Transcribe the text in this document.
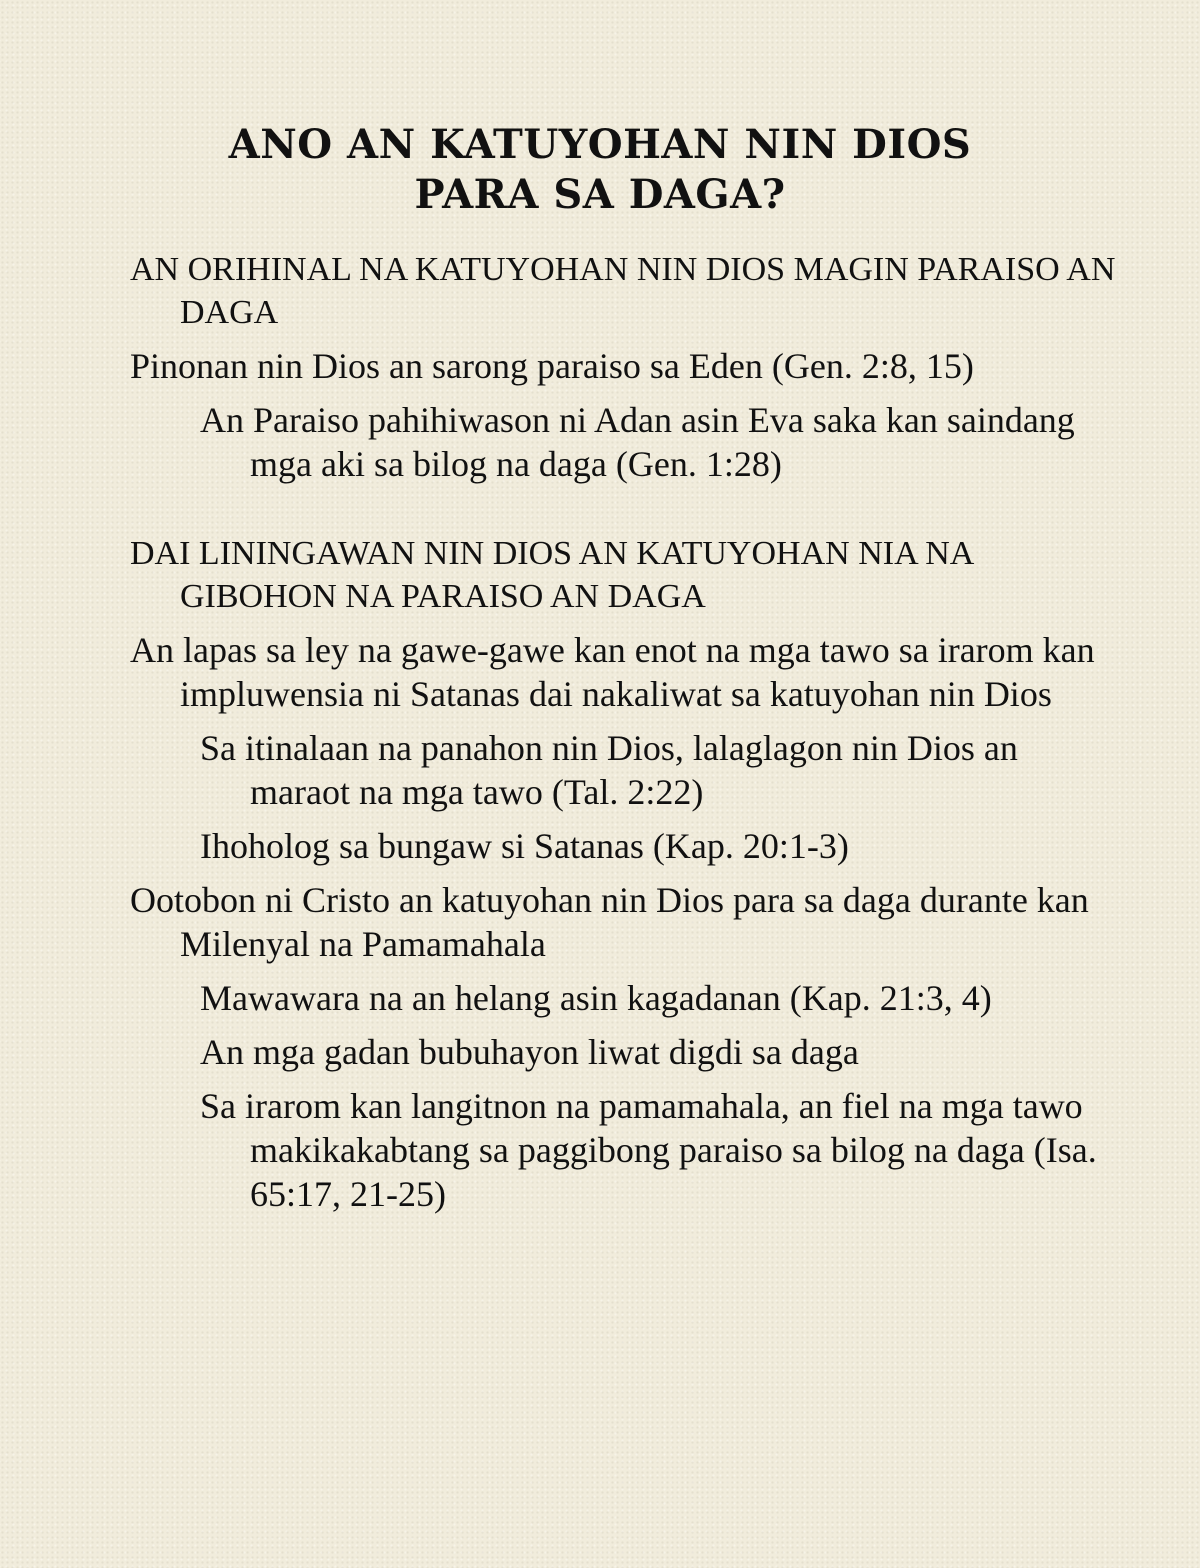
ANO AN KATUYOHAN NIN DIOS
PARA SA DAGA?

AN ORIHINAL NA KATUYOHAN NIN DIOS MAGIN PARAISO AN DAGA

Pinonan nin Dios an sarong paraiso sa Eden (Gen. 2:8, 15)

An Paraiso pahihiwason ni Adan asin Eva saka kan saindang mga aki sa bilog na daga (Gen. 1:28)

DAI LININGAWAN NIN DIOS AN KATUYOHAN NIA NA GIBOHON NA PARAISO AN DAGA

An lapas sa ley na gawe-gawe kan enot na mga tawo sa irarom kan impluwensia ni Satanas dai nakaliwat sa katuyohan nin Dios

Sa itinalaan na panahon nin Dios, lalaglagon nin Dios an maraot na mga tawo (Tal. 2:22)

Ihoholog sa bungaw si Satanas (Kap. 20:1-3)

Ootobon ni Cristo an katuyohan nin Dios para sa daga durante kan Milenyal na Pamamahala

Mawawara na an helang asin kagadanan (Kap. 21:3, 4)

An mga gadan bubuhayon liwat digdi sa daga

Sa irarom kan langitnon na pamamahala, an fiel na mga tawo makikakabtang sa paggibong paraiso sa bilog na daga (Isa. 65:17, 21-25)
